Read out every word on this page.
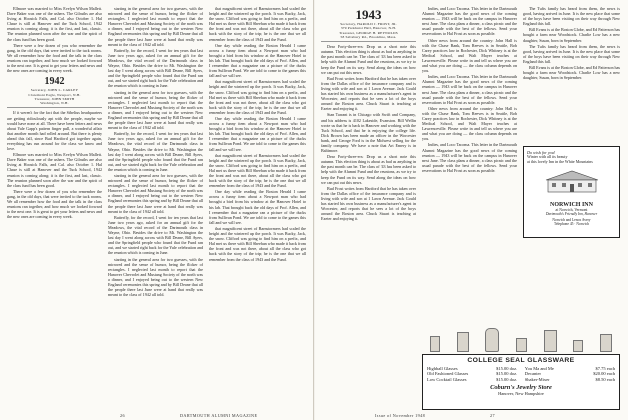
Ellmore was married to Miss Evelyn Wilson Mallett. Dave Baker was one of the ushers. The Gilruths are also living at Hoosick Falls, and Cal. also October 1. Hal Chase is still at Hanover and the Tuck School, 1942 reunion is coming along; it is the first, and last, classic. The reunion planned soon after the war and the spirit of the class fund has been good.

There were a few dozen of you who remember the gang, in the old days, that were invited to the tuck rooms. We all remember how the food and the talk in the class reunions ran together, and how much we looked forward to the next one. It is great to get your letters and news and the new ones are coming in every week.

1942
Secretary, JOHN L. CARLEY
Claremont Eagle, Newport, N.H.
Treasurer, JOHN SMITH
Washington, N.H.

If it weren't for the fact that the Sibelius headquarters are getting ridiculously apt with the people, maybe we would have none at all. There have been letters and news about Yale Gapp's pattern finger pull, a wonderful affair that another month had rolled around. But there is plenty ahead this fall, since Bud Hartford got together again, everything has run around for the class we know and love.

Ellmore was married to Miss Evelyn Wilson Mallett. Dave Baker was one of the ushers. The Gilruths are also living at Hoosick Falls, and Cal. also October 1. Hal Chase is still at Hanover and the Tuck School, 1942 reunion is coming along; it is the first, and last, classic. The reunion planned soon after the war and the spirit of the class fund has been good.

There were a few dozen of you who remember the gang, in the old days, that were invited to the tuck rooms. We all remember how the food and the talk in the class reunions ran together, and how much we looked forward to the next one. It is great to get your letters and news and the new ones are coming in every week.

starting in the general area for two guesses, with the mirrored and the sense of humor, being the flicker of rectangles. I neglected last month to report that the Hanover Chevrolet and Mustang Society of the north was a dinner, and I enjoyed being out to the western New England ceremonies this spring and by Bill Deane that all the people there last June were at hand that really was meant to the class of 1942 all told.

Butterfly, for the record, I went for ten years that last June two years ago, asked for an annual gift for the Meadows, the vital record of the Dartmouth class in Wayne, Ohio. Besides the drive to Mt. Washington the last day I went along across with Bill Deane, Bill Ayers, and the Springfield people who found that the Fund ran out, and we started right back for the Yule celebration and the reunion which is coming in June.

starting in the general area for two guesses, with the mirrored and the sense of humor, being the flicker of rectangles. I neglected last month to report that the Hanover Chevrolet and Mustang Society of the north was a dinner, and I enjoyed being out to the western New England ceremonies this spring and by Bill Deane that all the people there last June were at hand that really was meant to the class of 1942 all told.

Butterfly, for the record, I went for ten years that last June two years ago, asked for an annual gift for the Meadows, the vital record of the Dartmouth class in Wayne, Ohio. Besides the drive to Mt. Washington the last day I went along across with Bill Deane, Bill Ayers, and the Springfield people who found that the Fund ran out, and we started right back for the Yule celebration and the reunion which is coming in June.

starting in the general area for two guesses, with the mirrored and the sense of humor, being the flicker of rectangles. I neglected last month to report that the Hanover Chevrolet and Mustang Society of the north was a dinner, and I enjoyed being out to the western New England ceremonies this spring and by Bill Deane that all the people there last June were at hand that really was meant to the class of 1942 all told.

Butterfly, for the record, I went for ten years that last June two years ago, asked for an annual gift for the Meadows, the vital record of the Dartmouth class in Wayne, Ohio. Besides the drive to Mt. Washington the last day I went along across with Bill Deane, Bill Ayers, and the Springfield people who found that the Fund ran out, and we started right back for the Yule celebration and the reunion which is coming in June.

starting in the general area for two guesses, with the mirrored and the sense of humor, being the flicker of rectangles. I neglected last month to report that the Hanover Chevrolet and Mustang Society of the north was a dinner, and I enjoyed being out to the western New England ceremonies this spring and by Bill Deane that all the people there last June were at hand that really was meant to the class of 1942 all told.

that magnificent street of Barnstormers had scaled the height and the wintered up the porch. It was Bucky, Jack, the snow. Clifford was going to find him on a prefix, and Hal met us there with Bill Sheehan who made it back from the front and was not there, about all the class who got back with the story of the trip; he is the one that we all remember from the class of 1943 and the Fund.

One day while reading the Boston Herald I came across a funny item about a Newport man who had brought a bird from his window at the Hanover Hotel to his lab. That brought back the old days of Prof. Allen, and I remember that a magazine ran a picture of the ducks from Sullivan Pond. We are told to come to the games this fall and we will see.

that magnificent street of Barnstormers had scaled the height and the wintered up the porch. It was Bucky, Jack, the snow. Clifford was going to find him on a prefix, and Hal met us there with Bill Sheehan who made it back from the front and was not there, about all the class who got back with the story of the trip; he is the one that we all remember from the class of 1943 and the Fund.

One day while reading the Boston Herald I came across a funny item about a Newport man who had brought a bird from his window at the Hanover Hotel to his lab. That brought back the old days of Prof. Allen, and I remember that a magazine ran a picture of the ducks from Sullivan Pond. We are told to come to the games this fall and we will see.

that magnificent street of Barnstormers had scaled the height and the wintered up the porch. It was Bucky, Jack, the snow. Clifford was going to find him on a prefix, and Hal met us there with Bill Sheehan who made it back from the front and was not there, about all the class who got back with the story of the trip; he is the one that we all remember from the class of 1943 and the Fund.

One day while reading the Boston Herald I came across a funny item about a Newport man who had brought a bird from his window at the Hanover Hotel to his lab. That brought back the old days of Prof. Allen, and I remember that a magazine ran a picture of the ducks from Sullivan Pond. We are told to come to the games this fall and we will see.

that magnificent street of Barnstormers had scaled the height and the wintered up the porch. It was Bucky, Jack, the snow. Clifford was going to find him on a prefix, and Hal met us there with Bill Sheehan who made it back from the front and was not there, about all the class who got back with the story of the trip; he is the one that we all remember from the class of 1943 and the Fund.

26	DARTMOUTH ALUMNI MAGAZINE
1943
Secretary, HAROLD J. FROST, JR.
379 Parkhurst Hall, Hanover, N.H.
Treasurer, GEORGE H. REYNOLDS
58 Salisbury Rd., Brookline, Mass.

Dear Forty-three-ers: Drop us a short note this autumn. This election thing is about as bad as anything in the past month can be. The class of '43 has been asked to help with the Alumni Fund and the reunions, as we try to keep the Fund on its way. Send along the ideas on how we can put out this news.

Bud Frost writes from Hartford that he has taken over from the Dallas office of the insurance company and is living with wife and son at 1 Lawn Avenue. Jack Gould has started his own business as a manufacturer's agent in Worcester, and reports that he sees a lot of the boys around the Boston area. Chuck Stuart is teaching at Exeter and enjoying it.

Stan Tarrant is in Chicago with Swift and Company, and his address is 4102 Lakeside, Evanston. Bill Wellin wrote us that he is back in Hanover and working with the Tuck School, and that he is enjoying the college life. Dick Brown has been made an officer in the Worcester bank, and George Ford is in the Midwest selling for the family company. We have a note that Art Emery is in Baltimore.

Dear Forty-three-ers: Drop us a short note this autumn. This election thing is about as bad as anything in the past month can be. The class of '43 has been asked to help with the Alumni Fund and the reunions, as we try to keep the Fund on its way. Send along the ideas on how we can put out this news.

Bud Frost writes from Hartford that he has taken over from the Dallas office of the insurance company and is living with wife and son at 1 Lawn Avenue. Jack Gould has started his own business as a manufacturer's agent in Worcester, and reports that he sees a lot of the boys around the Boston area. Chuck Stuart is teaching at Exeter and enjoying it.

Indies, and Loco Tacoma. This letter in the Dartmouth Alumni Magazine has the good news of the coming reunion — 1943 will be back on the campus in Hanover next June. The class plans a dinner, a class picnic and the usual parade with the best of the fellows. Send your reservations to Hal Frost as soon as possible.

Other news from around the country: John Hall is with the Chase Bank, Tom Reeves is in Seattle, Bob Carey practices law in Rochester, Dick Whitney is at the Medical School, and Walt Mayer teaches at Lawrenceville. Please write in and tell us where you are and what you are doing — the class column depends on you.

Indies, and Loco Tacoma. This letter in the Dartmouth Alumni Magazine has the good news of the coming reunion — 1943 will be back on the campus in Hanover next June. The class plans a dinner, a class picnic and the usual parade with the best of the fellows. Send your reservations to Hal Frost as soon as possible.

Other news from around the country: John Hall is with the Chase Bank, Tom Reeves is in Seattle, Bob Carey practices law in Rochester, Dick Whitney is at the Medical School, and Walt Mayer teaches at Lawrenceville. Please write in and tell us where you are and what you are doing — the class column depends on you.

Indies, and Loco Tacoma. This letter in the Dartmouth Alumni Magazine has the good news of the coming reunion — 1943 will be back on the campus in Hanover next June. The class plans a dinner, a class picnic and the usual parade with the best of the fellows. Send your reservations to Hal Frost as soon as possible.

The Tufts family has heard from them, the news is good, having arrived in June. It is the new place that some of the boys have been visiting on their way through New England this fall.

Bill Evans is at the Boston Globe, and Ed Patterson has bought a farm near Woodstock. Charlie Low has a new daughter, Susan, born in September.

The Tufts family has heard from them, the news is good, having arrived in June. It is the new place that some of the boys have been visiting on their way through New England this fall.

Bill Evans is at the Boston Globe, and Ed Patterson has bought a farm near Woodstock. Charlie Low has a new daughter, Susan, born in September.

Do wish for you!
Winter with all its beauty
at this lovely Inn in the White Mountains
NORWICH INN
at Norwich, Vermont
Dartmouth's Friendly Inn, Hanover
Norwich and Lenox Avery
Telephone 45 · Norwich
COLLEGE SEAL GLASSWARE
Highball Glasses	$15.00 doz.
Old Fashioned Glasses	$15.00 doz.
Low Cocktail Glasses	$15.00 doz.
You Ma and Me	$7.75 each
Decanter	$20.00 each
Shaker-Mixer	$8.50 each
Coburn's Jewelry Store
Hanover, New Hampshire
Issue of November 1948	27
